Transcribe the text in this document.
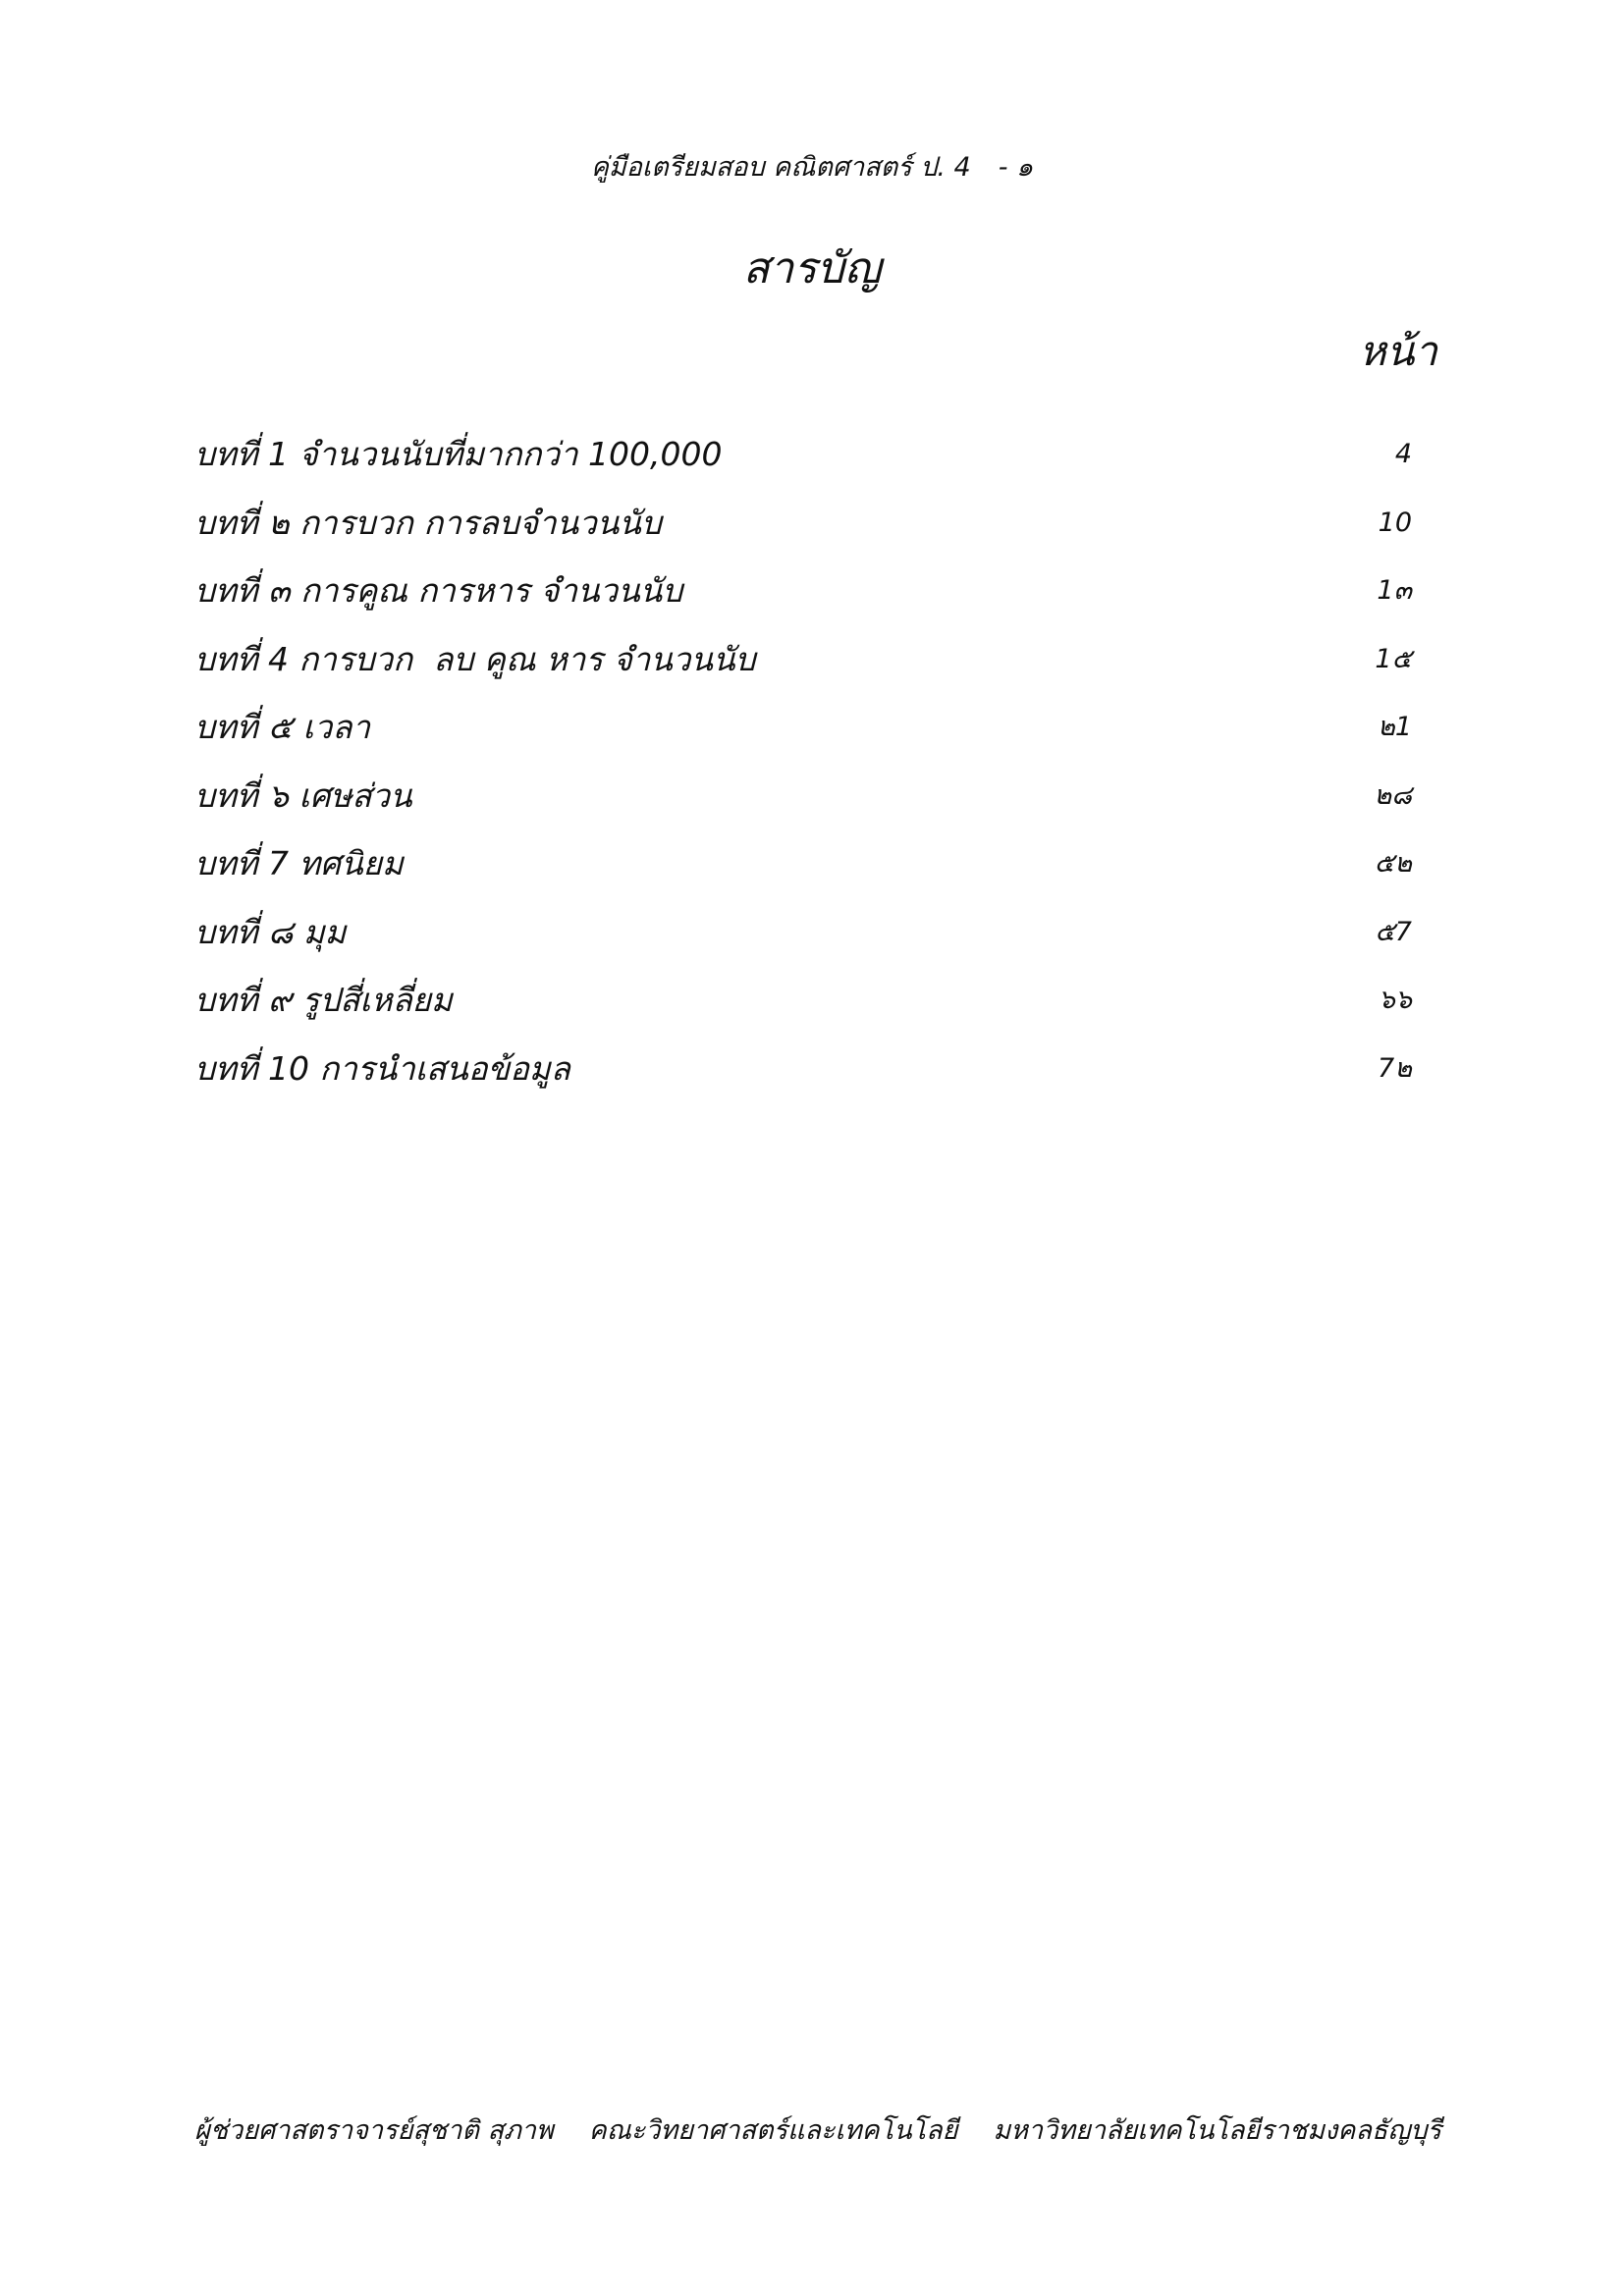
คู่มือเตรียมสอบ คณิตศาสตร์ ป. 4 - ๑
สารบัญ
หน้า
บทที่ 1 จำนวนนับที่มากกว่า 100,000	4
บทที่ ๒ การบวก การลบจำนวนนับ	10
บทที่ ๓ การคูณ การหาร จำนวนนับ	1๓
บทที่ 4 การบวก  ลบ คูณ หาร จำนวนนับ	1๕
บทที่ ๕ เวลา	๒1
บทที่ ๖ เศษส่วน	๒๘
บทที่ 7 ทศนิยม	๕๒
บทที่ ๘ มุม	๕7
บทที่ ๙ รูปสี่เหลี่ยม	๖๖
บทที่ 10 การนำเสนอข้อมูล	7๒
ผู้ช่วยศาสตราจารย์สุชาติ สุภาพ คณะวิทยาศาสตร์และเทคโนโลยี มหาวิทยาลัยเทคโนโลยีราชมงคลธัญบุรี
